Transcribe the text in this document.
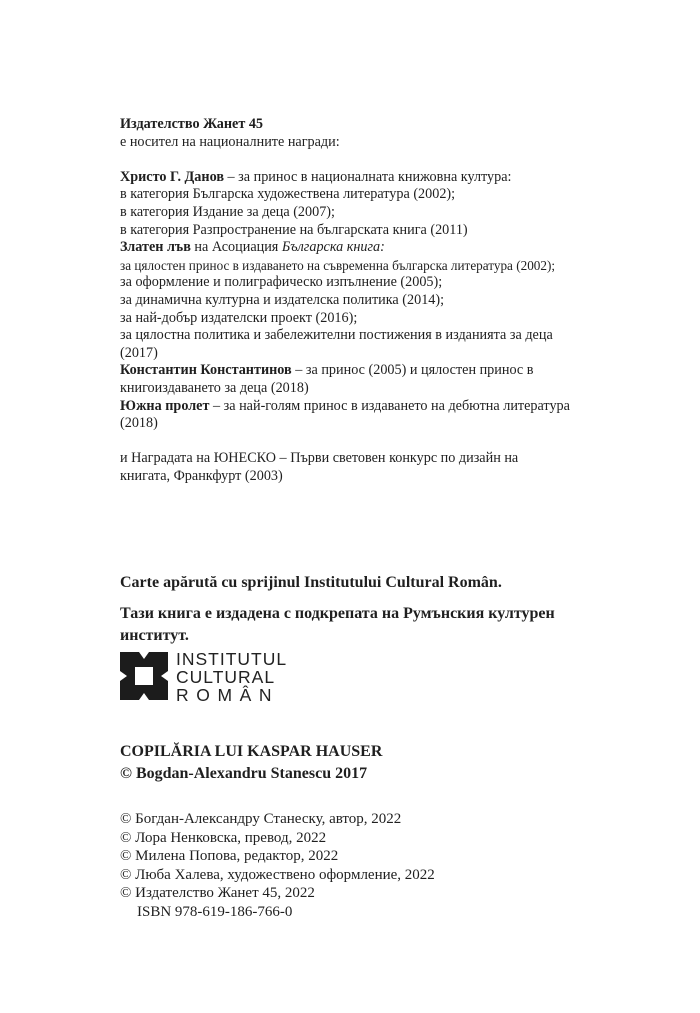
Издателство Жанет 45
е носител на националните награди:

Христо Г. Данов – за принос в националната книжовна култура:
в категория Българска художествена литература (2002);
в категория Издание за деца (2007);
в категория Разпространение на българската книга (2011)
Златен лъв на Асоциация Българска книга:
за цялостен принос в издаването на съвременна българска литература (2002);
за оформление и полиграфическо изпълнение (2005);
за динамична културна и издателска политика (2014);
за най-добър издателски проект (2016);
за цялостна политика и забележителни постижения в изданията за деца
(2017)
Константин Константинов – за принос (2005) и цялостен принос в
книгоиздаването за деца (2018)
Южна пролет – за най-голям принос в издаването на дебютна литература
(2018)

и Наградата на ЮНЕСКО – Първи световен конкурс по дизайн на
книгата, Франкфурт (2003)
Carte apărută cu sprijinul Institutului Cultural Român.
Тази книга е издадена с подкрепата на Румънския културен
институт.
INSTITUTUL
CULTURAL
ROMÂN
COPILĂRIA LUI KASPAR HAUSER
© Bogdan-Alexandru Stanescu 2017
© Богдан-Александру Станеску, автор, 2022
© Лора Ненковска, превод, 2022
© Милена Попова, редактор, 2022
© Люба Халева, художествено оформление, 2022
© Издателство Жанет 45, 2022
ISBN 978-619-186-766-0
